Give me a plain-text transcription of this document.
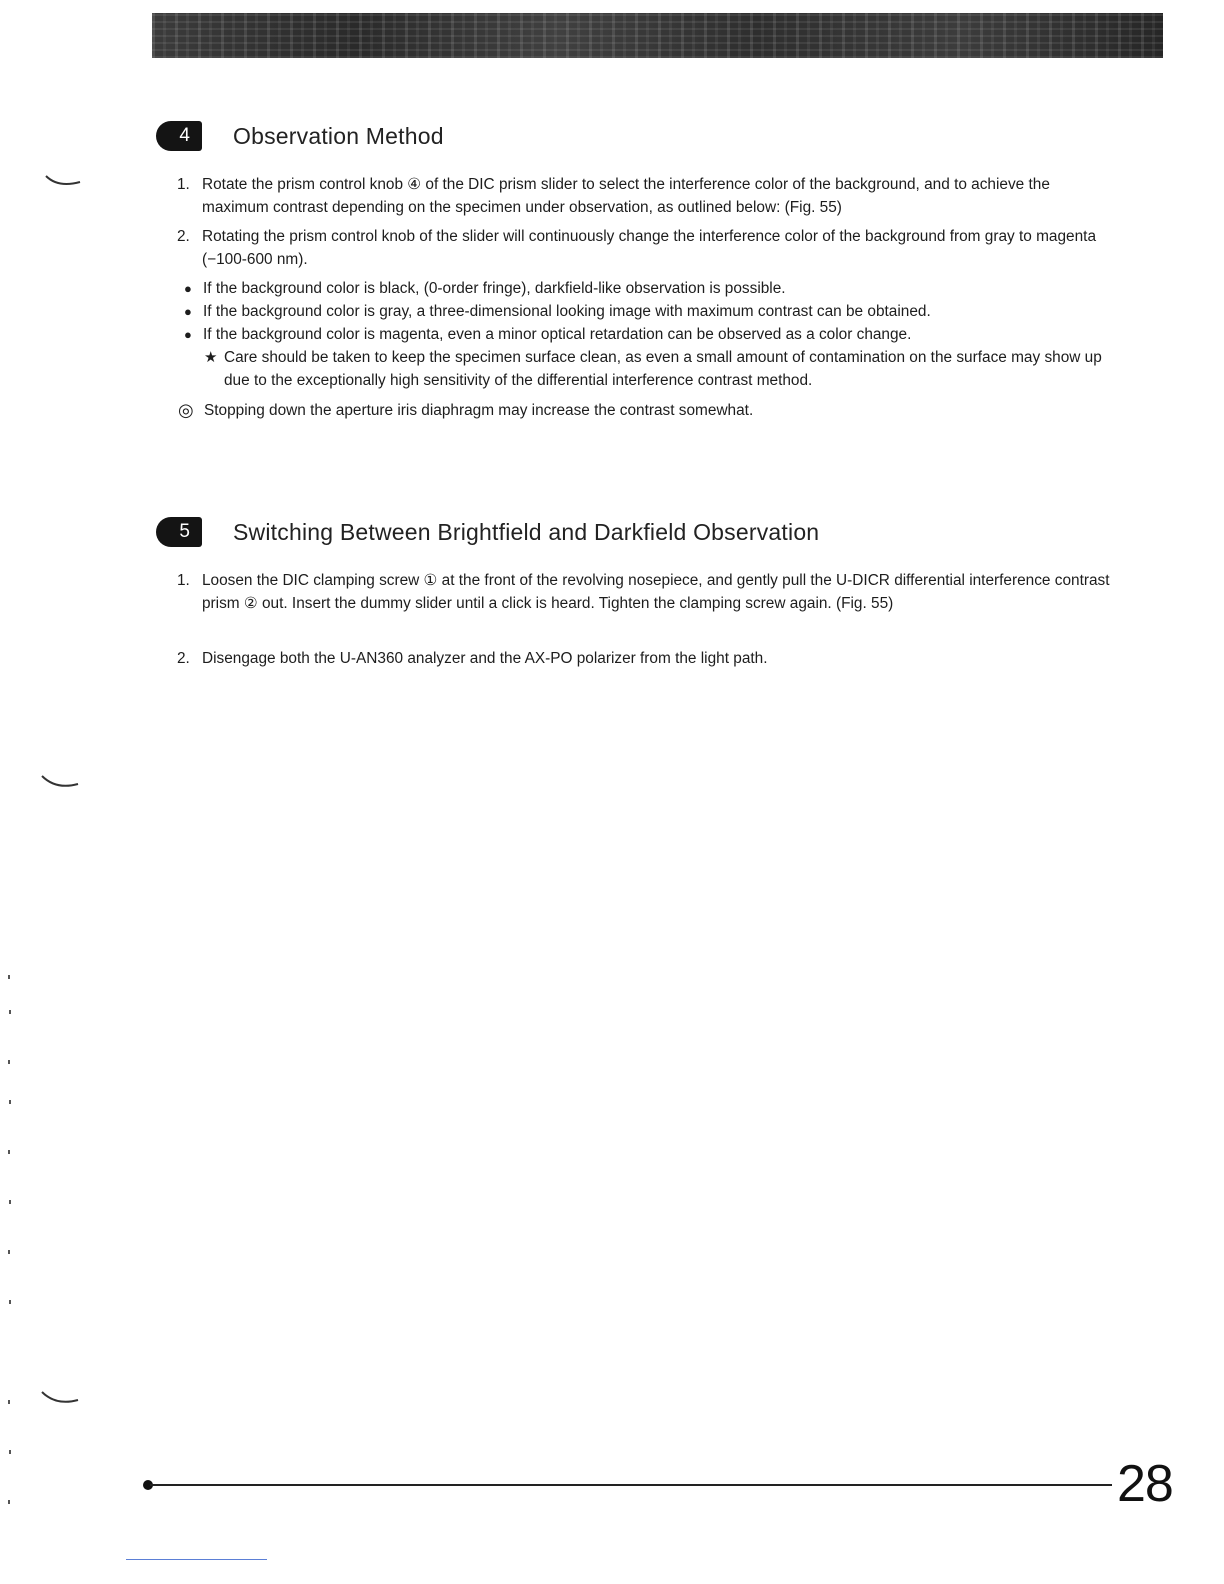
4	Observation Method
1. Rotate the prism control knob ④ of the DIC prism slider to select the interference color of the background, and to achieve the maximum contrast depending on the specimen under observation, as outlined below: (Fig. 55)
2. Rotating the prism control knob of the slider will continuously change the interference color of the background from gray to magenta (−100-600 nm).
● If the background color is black, (0-order fringe), darkfield-like observation is possible.
● If the background color is gray, a three-dimensional looking image with maximum contrast can be obtained.
● If the background color is magenta, even a minor optical retardation can be observed as a color change.
★ Care should be taken to keep the specimen surface clean, as even a small amount of contamination on the surface may show up due to the exceptionally high sensitivity of the differential interference contrast method.
◎ Stopping down the aperture iris diaphragm may increase the contrast somewhat.
5	Switching Between Brightfield and Darkfield Observation
1. Loosen the DIC clamping screw ① at the front of the revolving nosepiece, and gently pull the U-DICR differential interference contrast prism ② out. Insert the dummy slider until a click is heard. Tighten the clamping screw again. (Fig. 55)
2. Disengage both the U-AN360 analyzer and the AX-PO polarizer from the light path.
28
